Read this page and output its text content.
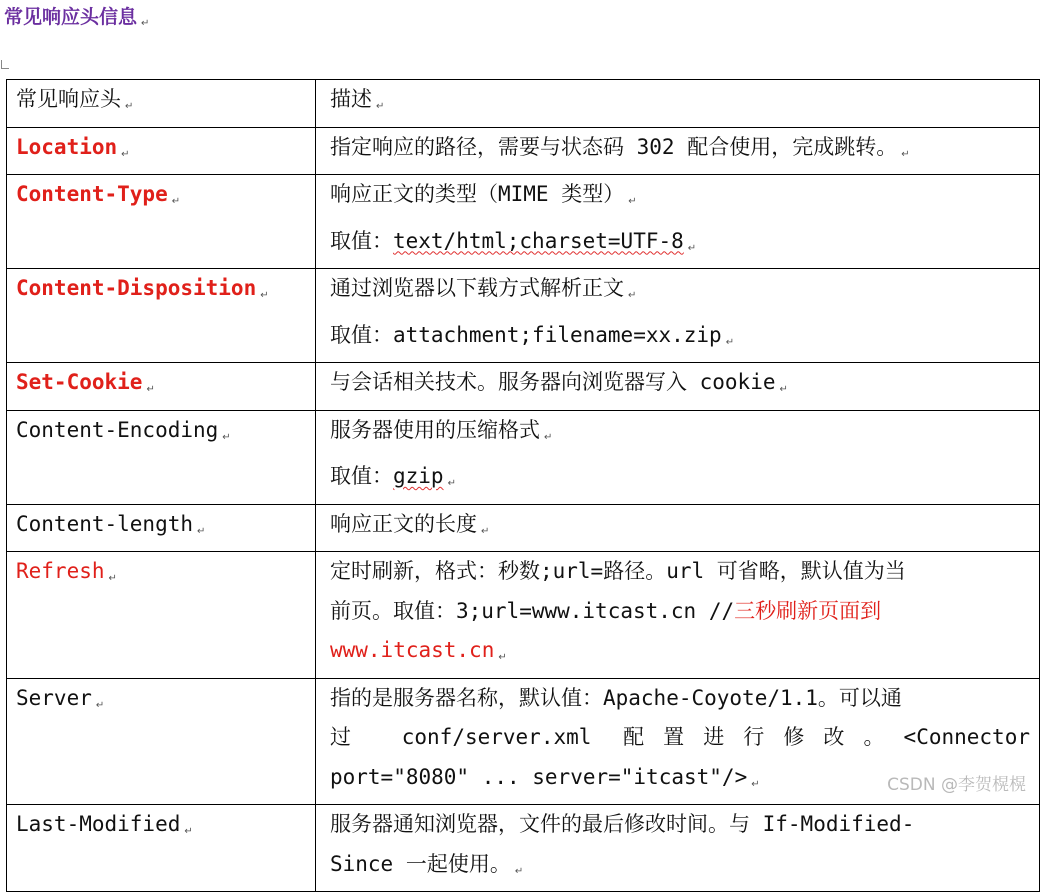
常见响应头信息 ↵
常见响应头 ↵	描述 ↵
Location ↵	指定响应的路径，需要与状态码 302 配合使用，完成跳转。 ↵
Content-Type ↵	响应正文的类型（MIME 类型） ↵
取值：text/html;charset=UTF-8 ↵

Content-Disposition ↵	通过浏览器以下载方式解析正文 ↵
取值：attachment;filename=xx.zip ↵

Set-Cookie ↵	与会话相关技术。服务器向浏览器写入 cookie ↵
Content-Encoding ↵	服务器使用的压缩格式 ↵
取值：gzip ↵

Content-length ↵	响应正文的长度 ↵
Refresh ↵	定时刷新，格式：秒数;url=路径。url 可省略，默认值为当
前页。取值：3;url=www.itcast.cn //三秒刷新页面到
www.itcast.cn ↵

Server ↵	指的是服务器名称，默认值：Apache-Coyote/1.1。可以通
过 conf/server.xml 配置进行修改。<Connector
port="8080" ... server="itcast"/> ↵

Last-Modified ↵	服务器通知浏览器，文件的最后修改时间。与 If-Modified-
Since 一起使用。 ↵
CSDN @李贺榥榥
